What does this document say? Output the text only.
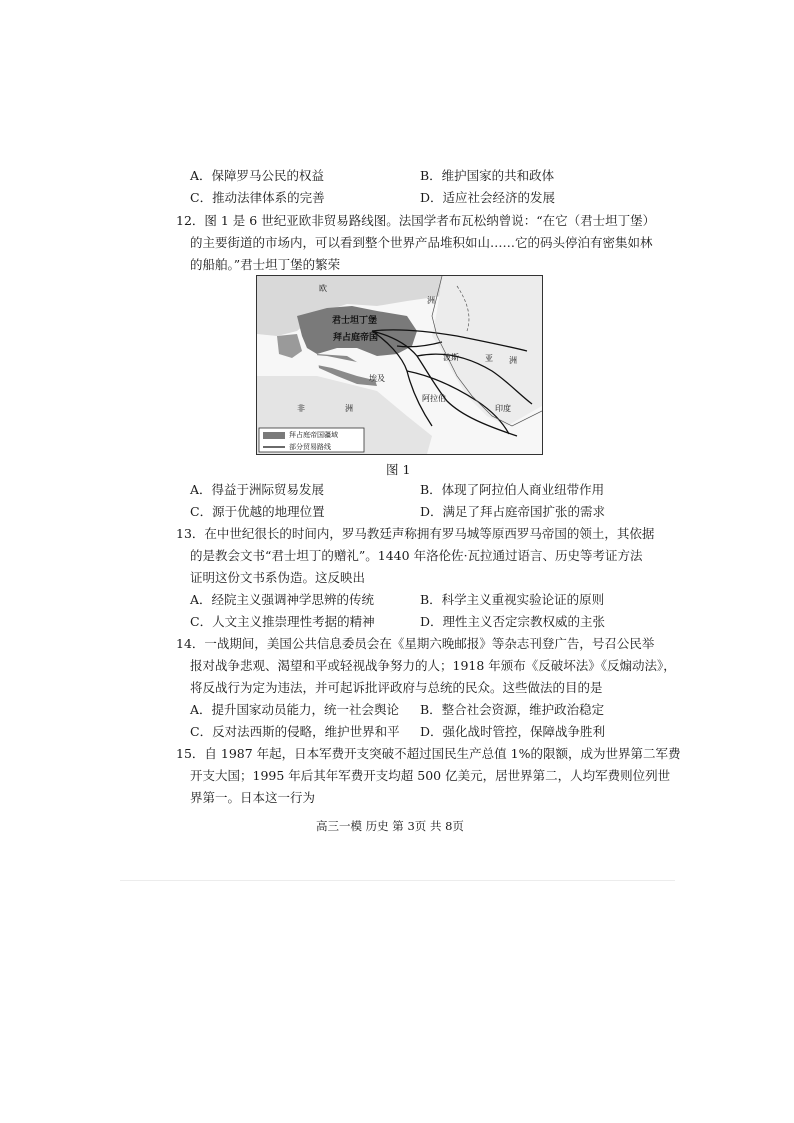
A．保障罗马公民的权益	B．维护国家的共和政体
C．推动法律体系的完善	D．适应社会经济的发展
12．图 1 是 6 世纪亚欧非贸易路线图。法国学者布瓦松纳曾说：“在它（君士坦丁堡）
的主要街道的市场内，可以看到整个世界产品堆积如山……它的码头停泊有密集如林
的船舶。”君士坦丁堡的繁荣
欧
洲
君士坦丁堡
拜占庭帝国
波斯	亚 洲
埃及
阿拉伯
印度
非	洲
拜占庭帝国疆域
部分贸易路线
图 1
A．得益于洲际贸易发展	B．体现了阿拉伯人商业纽带作用
C．源于优越的地理位置	D．满足了拜占庭帝国扩张的需求
13．在中世纪很长的时间内，罗马教廷声称拥有罗马城等原西罗马帝国的领土，其依据
的是教会文书“君士坦丁的赠礼”。1440 年洛伦佐·瓦拉通过语言、历史等考证方法
证明这份文书系伪造。这反映出
A．经院主义强调神学思辨的传统	B．科学主义重视实验论证的原则
C．人文主义推崇理性考据的精神	D．理性主义否定宗教权威的主张
14．一战期间，美国公共信息委员会在《星期六晚邮报》等杂志刊登广告，号召公民举
报对战争悲观、渴望和平或轻视战争努力的人；1918 年颁布《反破坏法》《反煽动法》，
将反战行为定为违法，并可起诉批评政府与总统的民众。这些做法的目的是
A．提升国家动员能力，统一社会舆论 B．整合社会资源，维护政治稳定
C．反对法西斯的侵略，维护世界和平 D．强化战时管控，保障战争胜利
15．自 1987 年起，日本军费开支突破不超过国民生产总值 1%的限额，成为世界第二军费
开支大国；1995 年后其年军费开支均超 500 亿美元，居世界第二，人均军费则位列世
界第一。日本这一行为
高三一模 历史 第 3页 共 8页
